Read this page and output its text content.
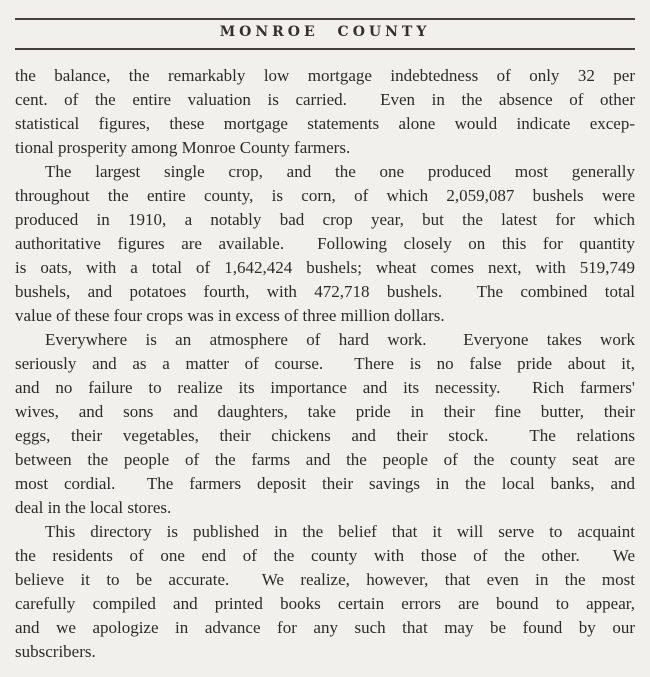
MONROE COUNTY

the balance, the remarkably low mortgage indebtedness of only 32 per
cent. of the entire valuation is carried.  Even in the absence of other
statistical figures, these mortgage statements alone would indicate excep-
tional prosperity among Monroe County farmers.

The largest single crop, and the one produced most generally
throughout the entire county, is corn, of which 2,059,087 bushels were
produced in 1910, a notably bad crop year, but the latest for which
authoritative figures are available.  Following closely on this for quantity
is oats, with a total of 1,642,424 bushels; wheat comes next, with 519,749
bushels, and potatoes fourth, with 472,718 bushels.  The combined total
value of these four crops was in excess of three million dollars.

Everywhere is an atmosphere of hard work.  Everyone takes work
seriously and as a matter of course.  There is no false pride about it,
and no failure to realize its importance and its necessity.  Rich farmers'
wives, and sons and daughters, take pride in their fine butter, their
eggs, their vegetables, their chickens and their stock.  The relations
between the people of the farms and the people of the county seat are
most cordial.  The farmers deposit their savings in the local banks, and
deal in the local stores.

This directory is published in the belief that it will serve to acquaint
the residents of one end of the county with those of the other.  We
believe it to be accurate.  We realize, however, that even in the most
carefully compiled and printed books certain errors are bound to appear,
and we apologize in advance for any such that may be found by our
subscribers.
